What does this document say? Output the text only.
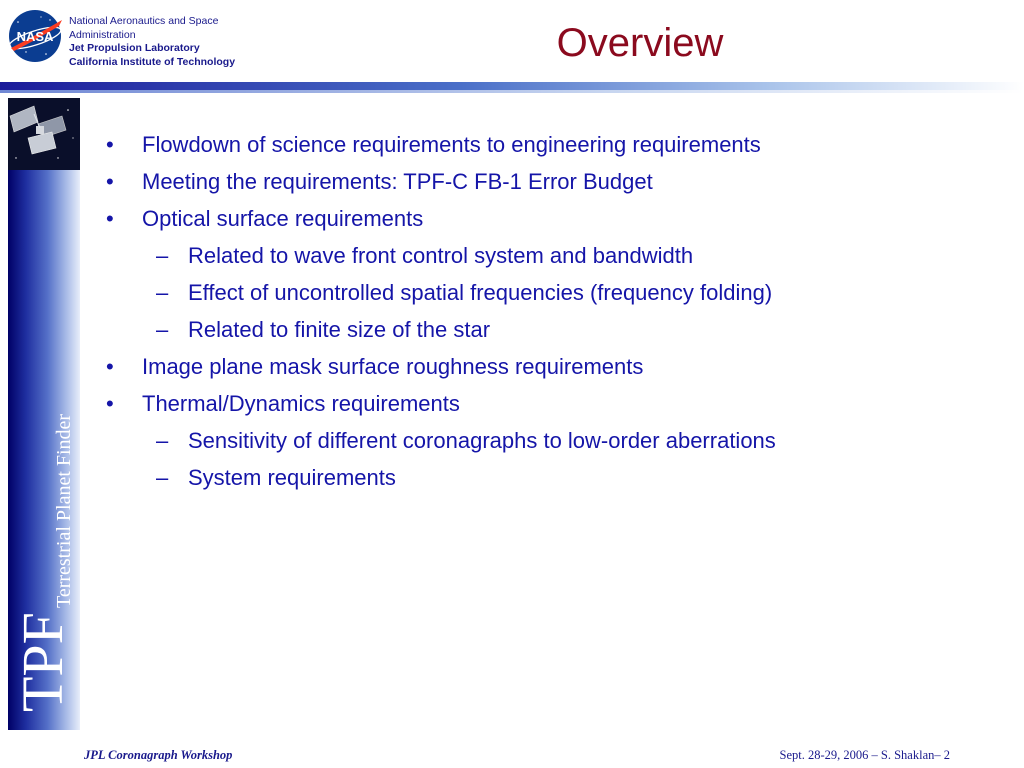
NASA
National Aeronautics and Space
Administration
Jet Propulsion Laboratory
California Institute of Technology	Overview
TPF
Terrestrial Planet Finder

• Flowdown of science requirements to engineering requirements

• Meeting the requirements: TPF-C FB-1 Error Budget

• Optical surface requirements

– Related to wave front control system and bandwidth

– Effect of uncontrolled spatial frequencies (frequency folding)

– Related to finite size of the star

• Image plane mask surface roughness requirements

• Thermal/Dynamics requirements

– Sensitivity of different coronagraphs to low-order aberrations

– System requirements

JPL Coronagraph Workshop	Sept. 28-29, 2006 – S. Shaklan– 2
